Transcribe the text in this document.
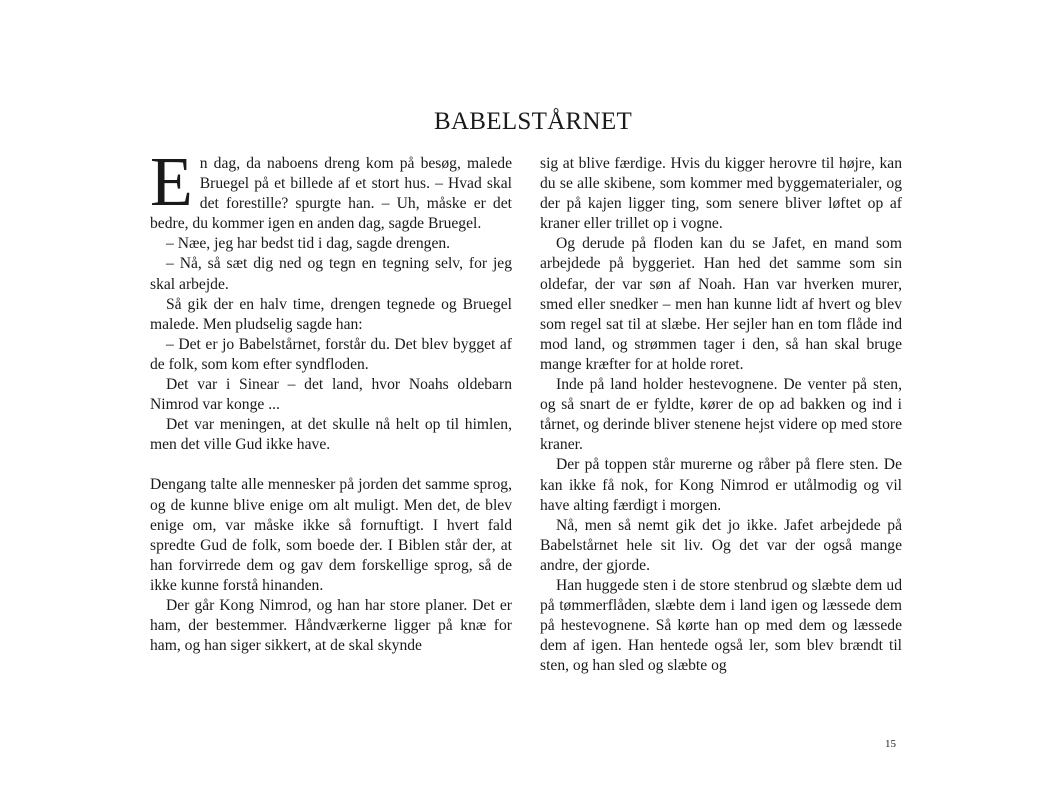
BABELSTÅRNET

En dag, da naboens dreng kom på besøg, malede Bruegel på et billede af et stort hus. – Hvad skal det forestille? spurgte han. – Uh, måske er det bedre, du kommer igen en anden dag, sagde Bruegel.

– Næe, jeg har bedst tid i dag, sagde drengen.

– Nå, så sæt dig ned og tegn en tegning selv, for jeg skal arbejde.

Så gik der en halv time, drengen tegnede og Bruegel malede. Men pludselig sagde han:

– Det er jo Babelstårnet, forstår du. Det blev bygget af de folk, som kom efter syndfloden.

Det var i Sinear – det land, hvor Noahs oldebarn Nimrod var konge ...

Det var meningen, at det skulle nå helt op til himlen, men det ville Gud ikke have.

Dengang talte alle mennesker på jorden det samme sprog, og de kunne blive enige om alt muligt. Men det, de blev enige om, var måske ikke så fornuftigt. I hvert fald spredte Gud de folk, som boede der. I Biblen står der, at han forvirrede dem og gav dem forskellige sprog, så de ikke kunne forstå hinanden.

Der går Kong Nimrod, og han har store planer. Det er ham, der bestemmer. Håndværkerne ligger på knæ for ham, og han siger sikkert, at de skal skynde

sig at blive færdige. Hvis du kigger herovre til højre, kan du se alle skibene, som kommer med byggematerialer, og der på kajen ligger ting, som senere bliver løftet op af kraner eller trillet op i vogne.

Og derude på floden kan du se Jafet, en mand som arbejdede på byggeriet. Han hed det samme som sin oldefar, der var søn af Noah. Han var hverken murer, smed eller snedker – men han kunne lidt af hvert og blev som regel sat til at slæbe. Her sejler han en tom flåde ind mod land, og strømmen tager i den, så han skal bruge mange kræfter for at holde roret.

Inde på land holder hestevognene. De venter på sten, og så snart de er fyldte, kører de op ad bakken og ind i tårnet, og derinde bliver stenene hejst videre op med store kraner.

Der på toppen står murerne og råber på flere sten. De kan ikke få nok, for Kong Nimrod er utålmodig og vil have alting færdigt i morgen.

Nå, men så nemt gik det jo ikke. Jafet arbejdede på Babelstårnet hele sit liv. Og det var der også mange andre, der gjorde.

Han huggede sten i de store stenbrud og slæbte dem ud på tømmerflåden, slæbte dem i land igen og læssede dem på hestevognene. Så kørte han op med dem og læssede dem af igen. Han hentede også ler, som blev brændt til sten, og han sled og slæbte og

15
